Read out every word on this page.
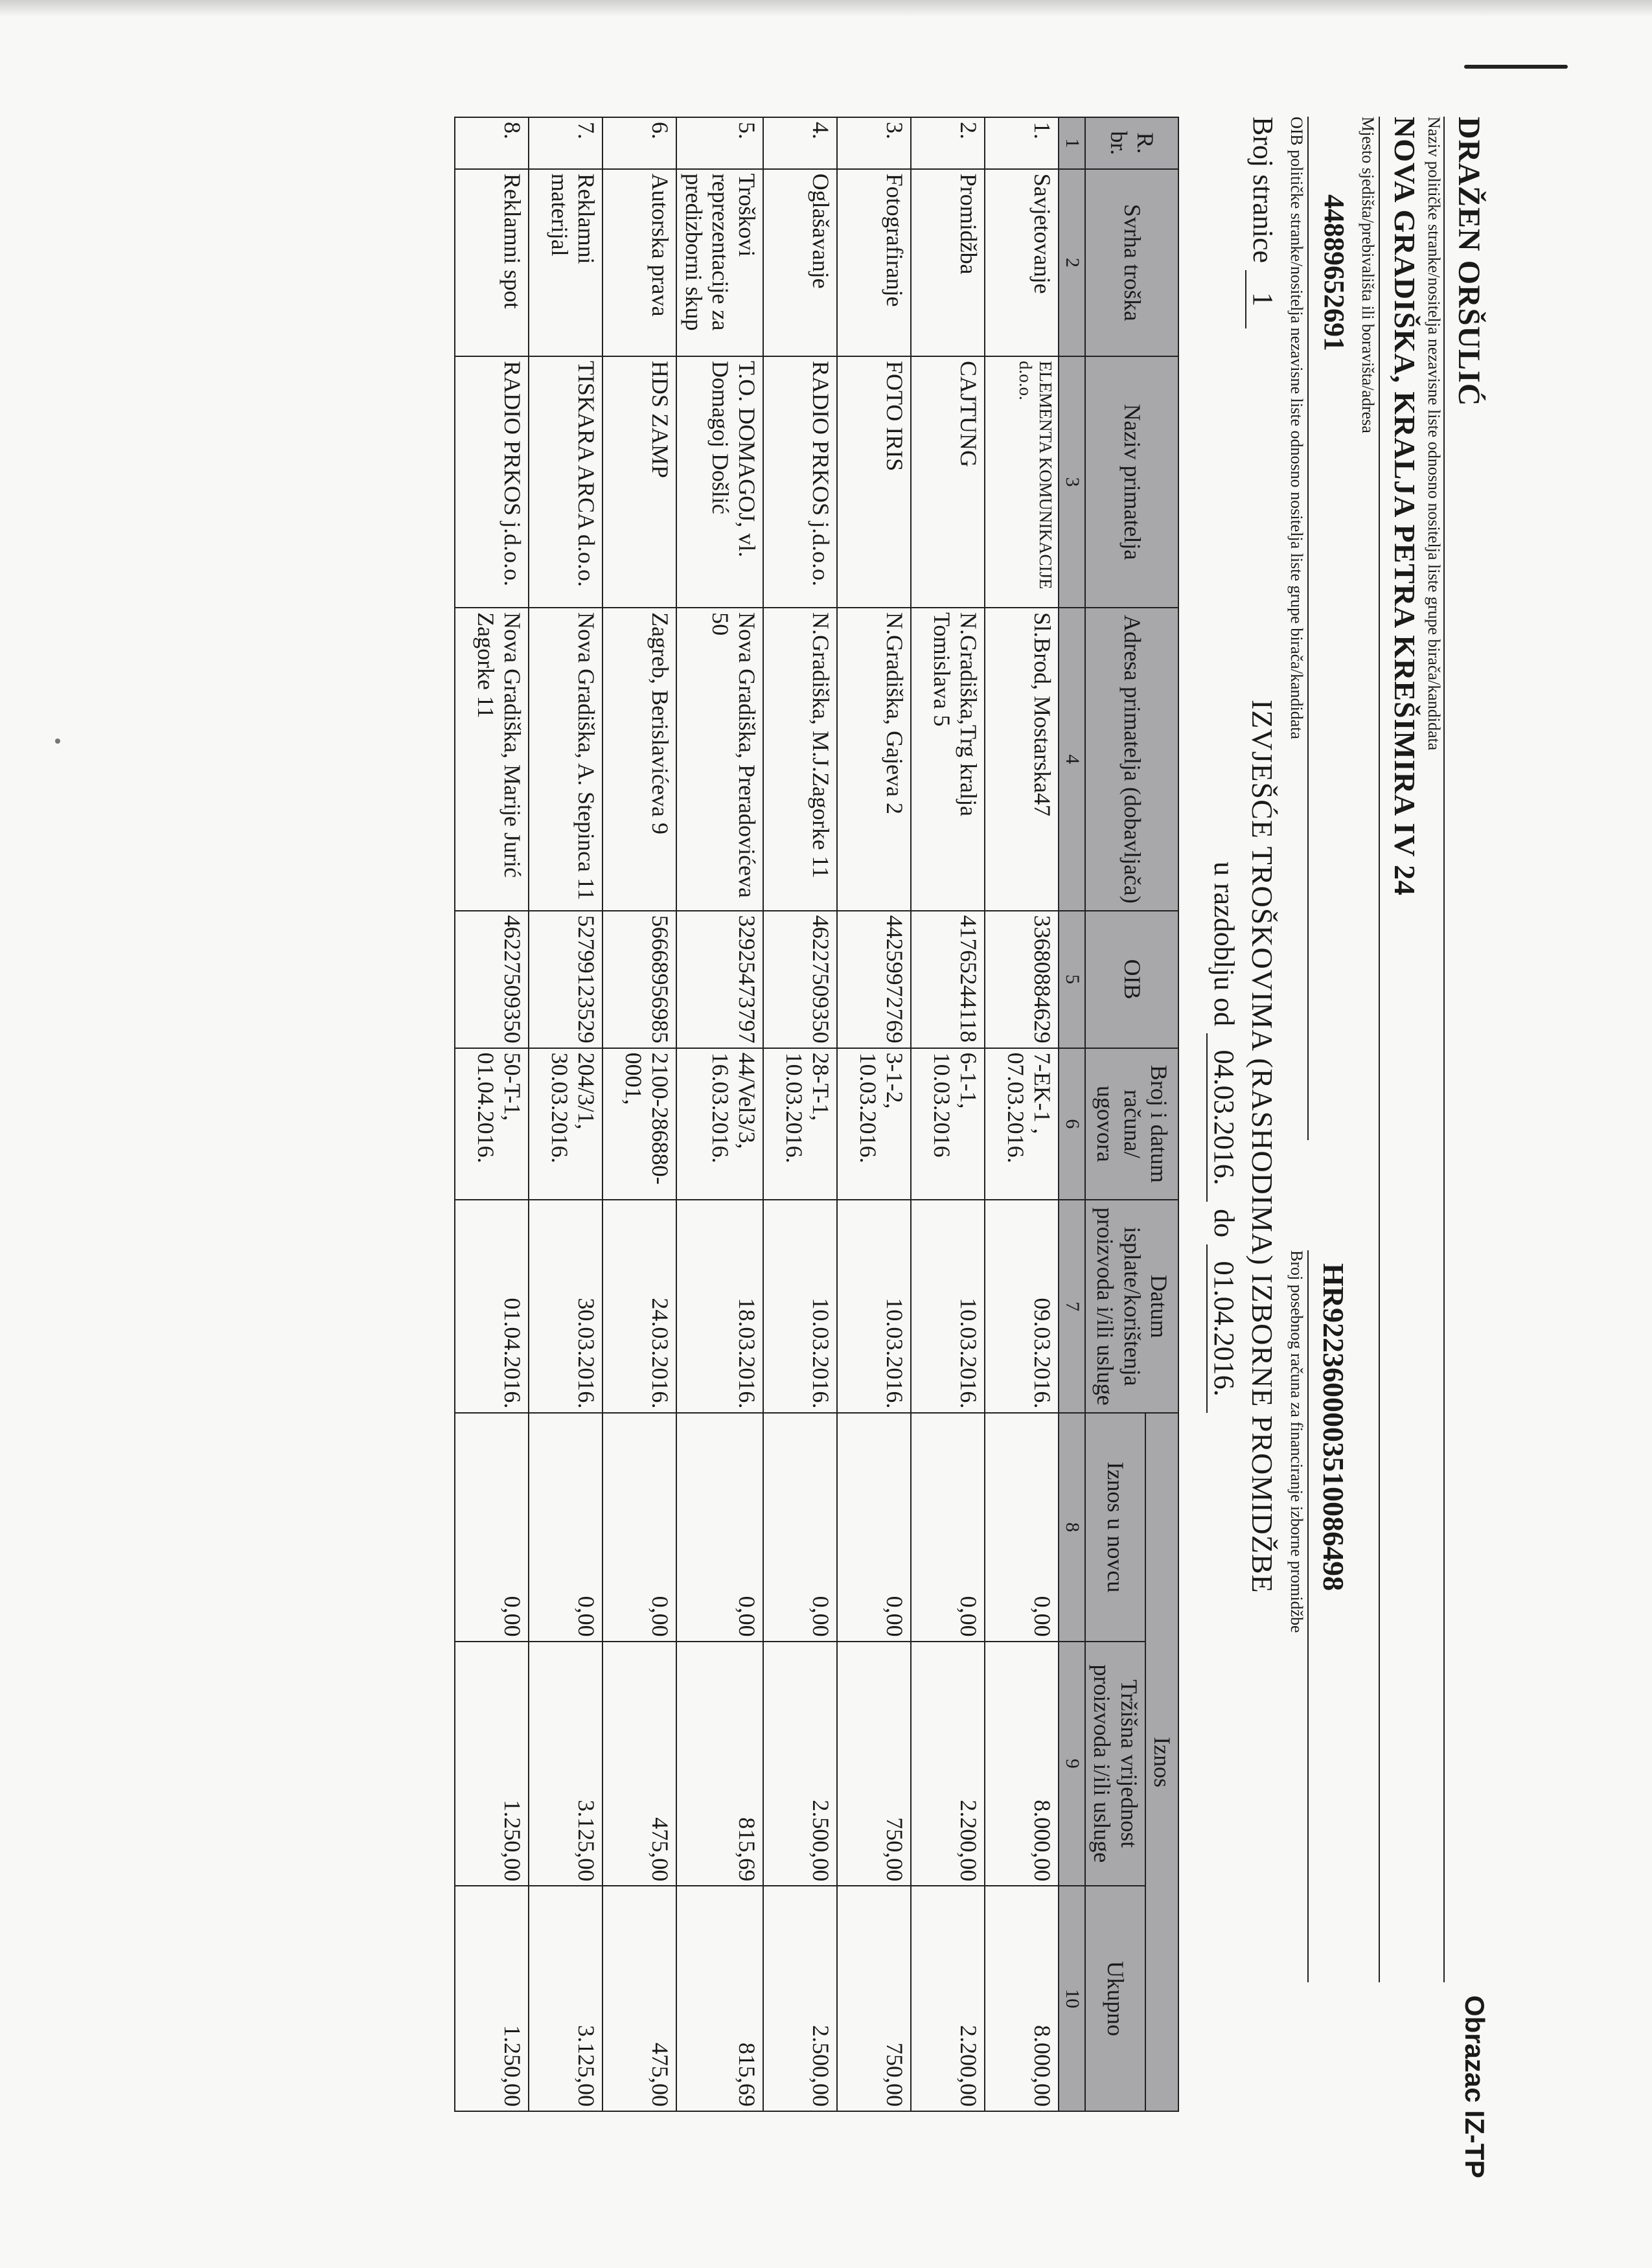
Obrazac IZ-TP
DRAŽEN ORŠULIĆ
Naziv političke stranke/nositelja nezavisne liste odnosno nositelja liste grupe birača/kandidata
NOVA GRADIŠKA, KRALJA PETRA KREŠIMIRA IV 24
Mjesto sjedišta/prebivališta ili boravišta/adresa
44889652691
OIB političke stranke/nositelja nezavisne liste odnosno nositelja liste grupe birača/kandidata
HR9223600003510086498
Broj posebnog računa za financiranje izborne promidžbe
Broj stranice 1
IZVJEŠĆE TROŠKOVIMA (RASHODIMA) IZBORNE PROMIDŽBE
u razdoblju od 04.03.2016. do 01.04.2016.
R. br.	Svrha troška	Naziv primatelja	Adresa primatelja (dobavljača)	OIB	Broj i datum računa/ ugovora	Datum isplate/korištenja proizvoda i/ili usluge	Iznos		
							Iznos u novcu	Tržišna vrijednost proizvoda i/ili usluge	Ukupno
1	2	3	4	5	6	7	8	9	10
1.	Savjetovanje	ELEMENTA KOMUNIKACIJE d.o.o.	Sl.Brod, Mostarska47	33680884629	7-EK-1 , 07.03.2016.	09.03.2016.	0,00	8.000,00	8.000,00
2.	Promidžba	CAJTUNG	N.Gradiška,Trg kralja Tomislava 5	41765244118	6-1-1, 10.03.2016	10.03.2016.	0,00	2.200,00	2.200,00
3.	Fotografiranje	FOTO IRIS	N.Gradiška, Gajeva 2	44259972769	3-1-2, 10.03.2016.	10.03.2016.	0,00	750,00	750,00
4.	Oglašavanje	RADIO PRKOS j.d.o.o.	N.Gradiška, M.J.Zagorke 11	46227509350	28-T-1, 10.03.2016.	10.03.2016.	0,00	2.500,00	2.500,00
5.	Troškovi reprezentacije za predizborni skup	T.O. DOMAGOJ, vl. Domagoj Došlić	Nova Gradiška, Preradovićeva 50	32925473797	44/Vel3/3, 16.03.2016.	18.03.2016.	0,00	815,69	815,69
6.	Autorska prava	HDS ZAMP	Zagreb, Berislavićeva 9	56668956985	2100-286880-0001,	24.03.2016.	0,00	475,00	475,00
7.	Reklamni materijal	TISKARA ARCA d.o.o.	Nova Gradiška, A. Stepinca 11	52799123529	204/3/1, 30.03.2016.	30.03.2016.	0,00	3.125,00	3.125,00
8.	Reklamni spot	RADIO PRKOS j.d.o.o.	Nova Gradiška, Marije Jurić Zagorke 11	46227509350	50-T-1, 01.04.2016.	01.04.2016.	0,00	1.250,00	1.250,00
